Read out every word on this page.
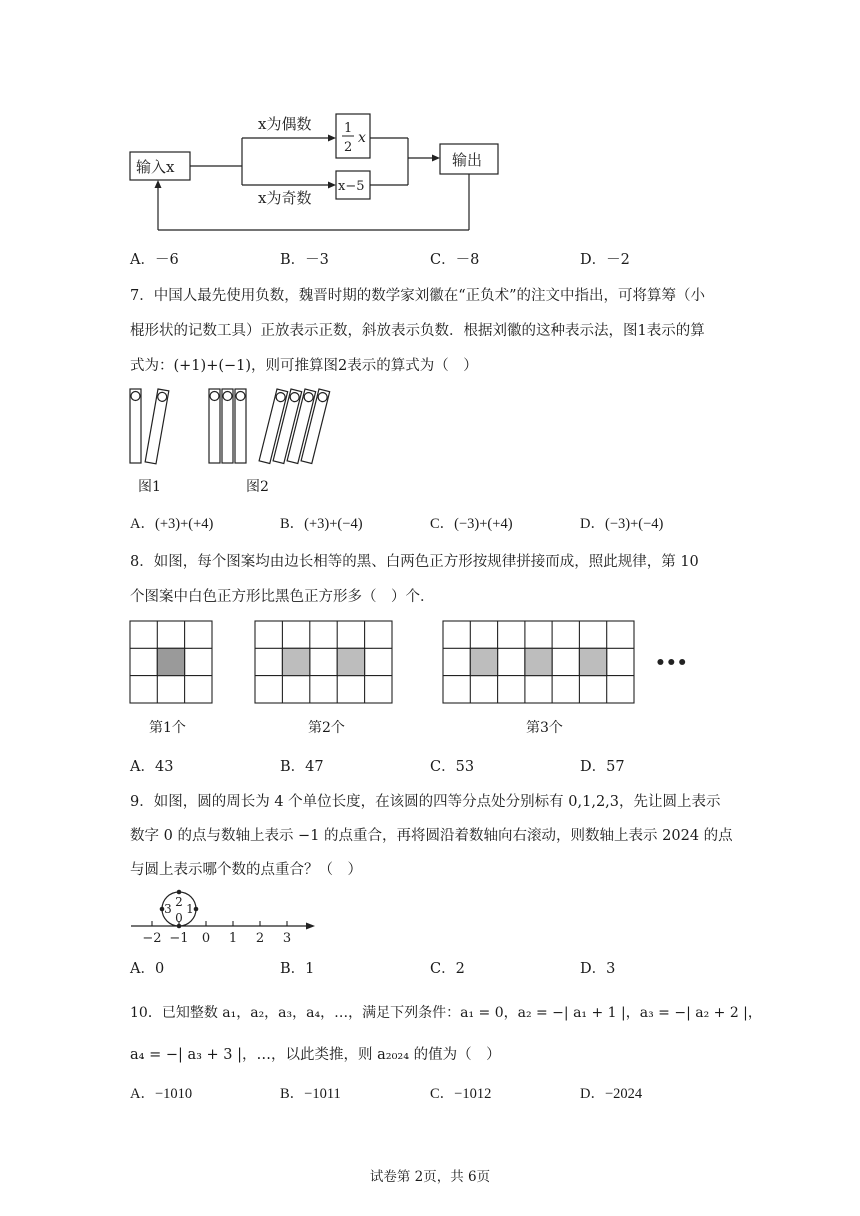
输入x
x为偶数
x为奇数
1
2
x
x−5
输出
A．－6	B．－3	C．－8	D．－2
7．中国人最先使用负数，魏晋时期的数学家刘徽在“正负术”的注文中指出，可将算筹（小
棍形状的记数工具）正放表示正数，斜放表示负数．根据刘徽的这种表示法，图1表示的算
式为：(+1)+(−1)，则可推算图2表示的算式为（　）
图1	图2
A．(+3)+(+4)	B．(+3)+(−4)	C．(−3)+(+4)	D．(−3)+(−4)
8．如图，每个图案均由边长相等的黑、白两色正方形按规律拼接而成，照此规律，第 10
个图案中白色正方形比黑色正方形多（　）个．
•••
第1个	第2个	第3个
A．43	B．47	C．53	D．57
9．如图，圆的周长为 4 个单位长度，在该圆的四等分点处分别标有 0,1,2,3，先让圆上表示
数字 0 的点与数轴上表示 −1 的点重合，再将圆沿着数轴向右滚动，则数轴上表示 2024 的点
与圆上表示哪个数的点重合？（　）
−2 −1 0 1 2 3
0
1
2
3
A．0	B．1	C．2	D．3
10．已知整数 a₁，a₂，a₃，a₄，…，满足下列条件：a₁ = 0，a₂ = −| a₁ + 1 |，a₃ = −| a₂ + 2 |，
a₄ = −| a₃ + 3 |，…，以此类推，则 a₂₀₂₄ 的值为（　）
A．−1010	B．−1011	C．−1012	D．−2024
试卷第 2页，共 6页
